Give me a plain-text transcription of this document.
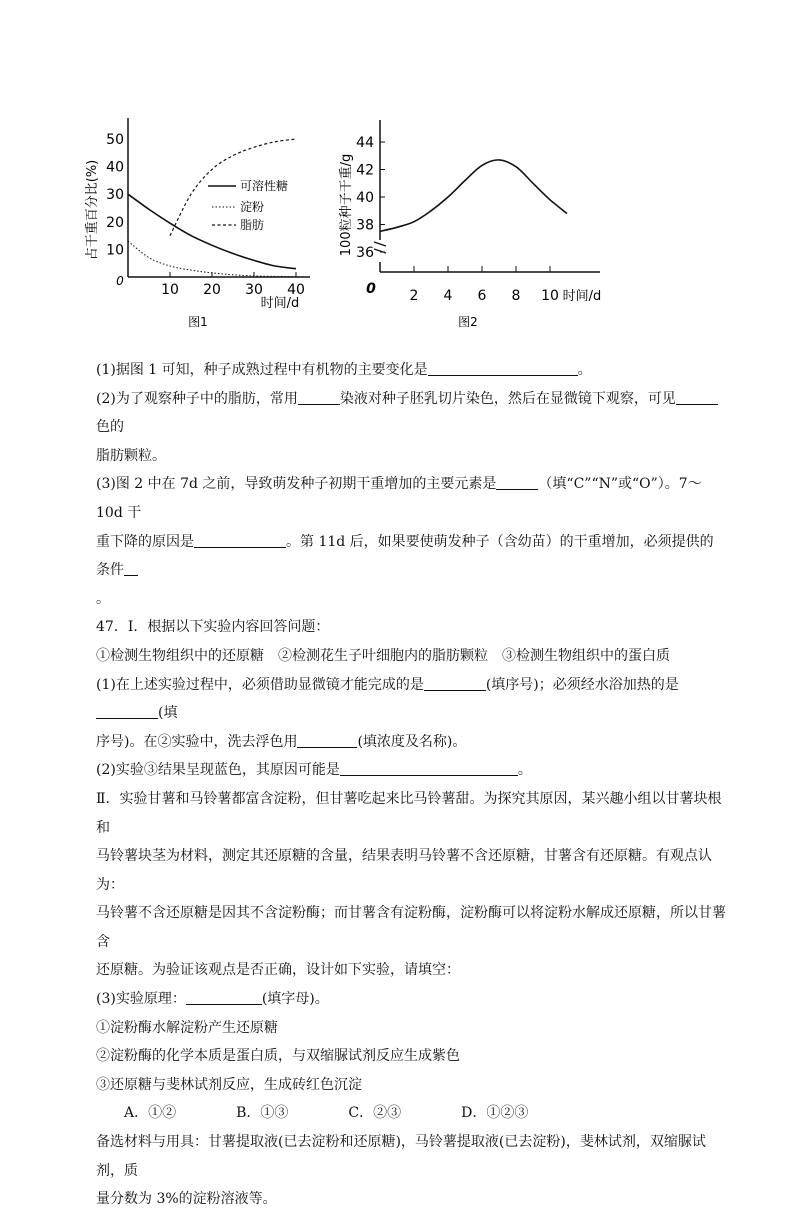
10
20
30
40
50
10 20 30 40
0
占干重百分比(%)
时间/d
可溶性糖
淀粉
脂肪
图1
36
38
40
42
44
2 4 6 8 10
0
100粒种子干重/g
时间/d
图2

(1)据图 1 可知，种子成熟过程中有机物的主要变化是	。

(2)为了观察种子中的脂肪，常用	染液对种子胚乳切片染色，然后在显微镜下观察，可见色的

脂肪颗粒。

(3)图 2 中在 7d 之前，导致萌发种子初期干重增加的主要元素是	（填“C”“N”或“O”）。7～10d 干

重下降的原因是	。第 11d 后，如果要使萌发种子（含幼苗）的干重增加，必须提供的条件

。

47．Ⅰ．根据以下实验内容回答问题：

①检测生物组织中的还原糖　②检测花生子叶细胞内的脂肪颗粒　③检测生物组织中的蛋白质

(1)在上述实验过程中，必须借助显微镜才能完成的是	(填序号)；必须经水浴加热的是(填

序号)。在②实验中，洗去浮色用	(填浓度及名称)。

(2)实验③结果呈现蓝色，其原因可能是	。

Ⅱ．实验甘薯和马铃薯都富含淀粉，但甘薯吃起来比马铃薯甜。为探究其原因，某兴趣小组以甘薯块根和

马铃薯块茎为材料，测定其还原糖的含量，结果表明马铃薯不含还原糖，甘薯含有还原糖。有观点认为：

马铃薯不含还原糖是因其不含淀粉酶；而甘薯含有淀粉酶，淀粉酶可以将淀粉水解成还原糖，所以甘薯含

还原糖。为验证该观点是否正确，设计如下实验，请填空：

(3)实验原理：	(填字母)。

①淀粉酶水解淀粉产生还原糖

②淀粉酶的化学本质是蛋白质，与双缩脲试剂反应生成紫色

③还原糖与斐林试剂反应，生成砖红色沉淀

A．①②	B．①③	C．②③	D．①②③

备选材料与用具：甘薯提取液(已去淀粉和还原糖)，马铃薯提取液(已去淀粉)，斐林试剂，双缩脲试剂，质

量分数为 3%的淀粉溶液等。
